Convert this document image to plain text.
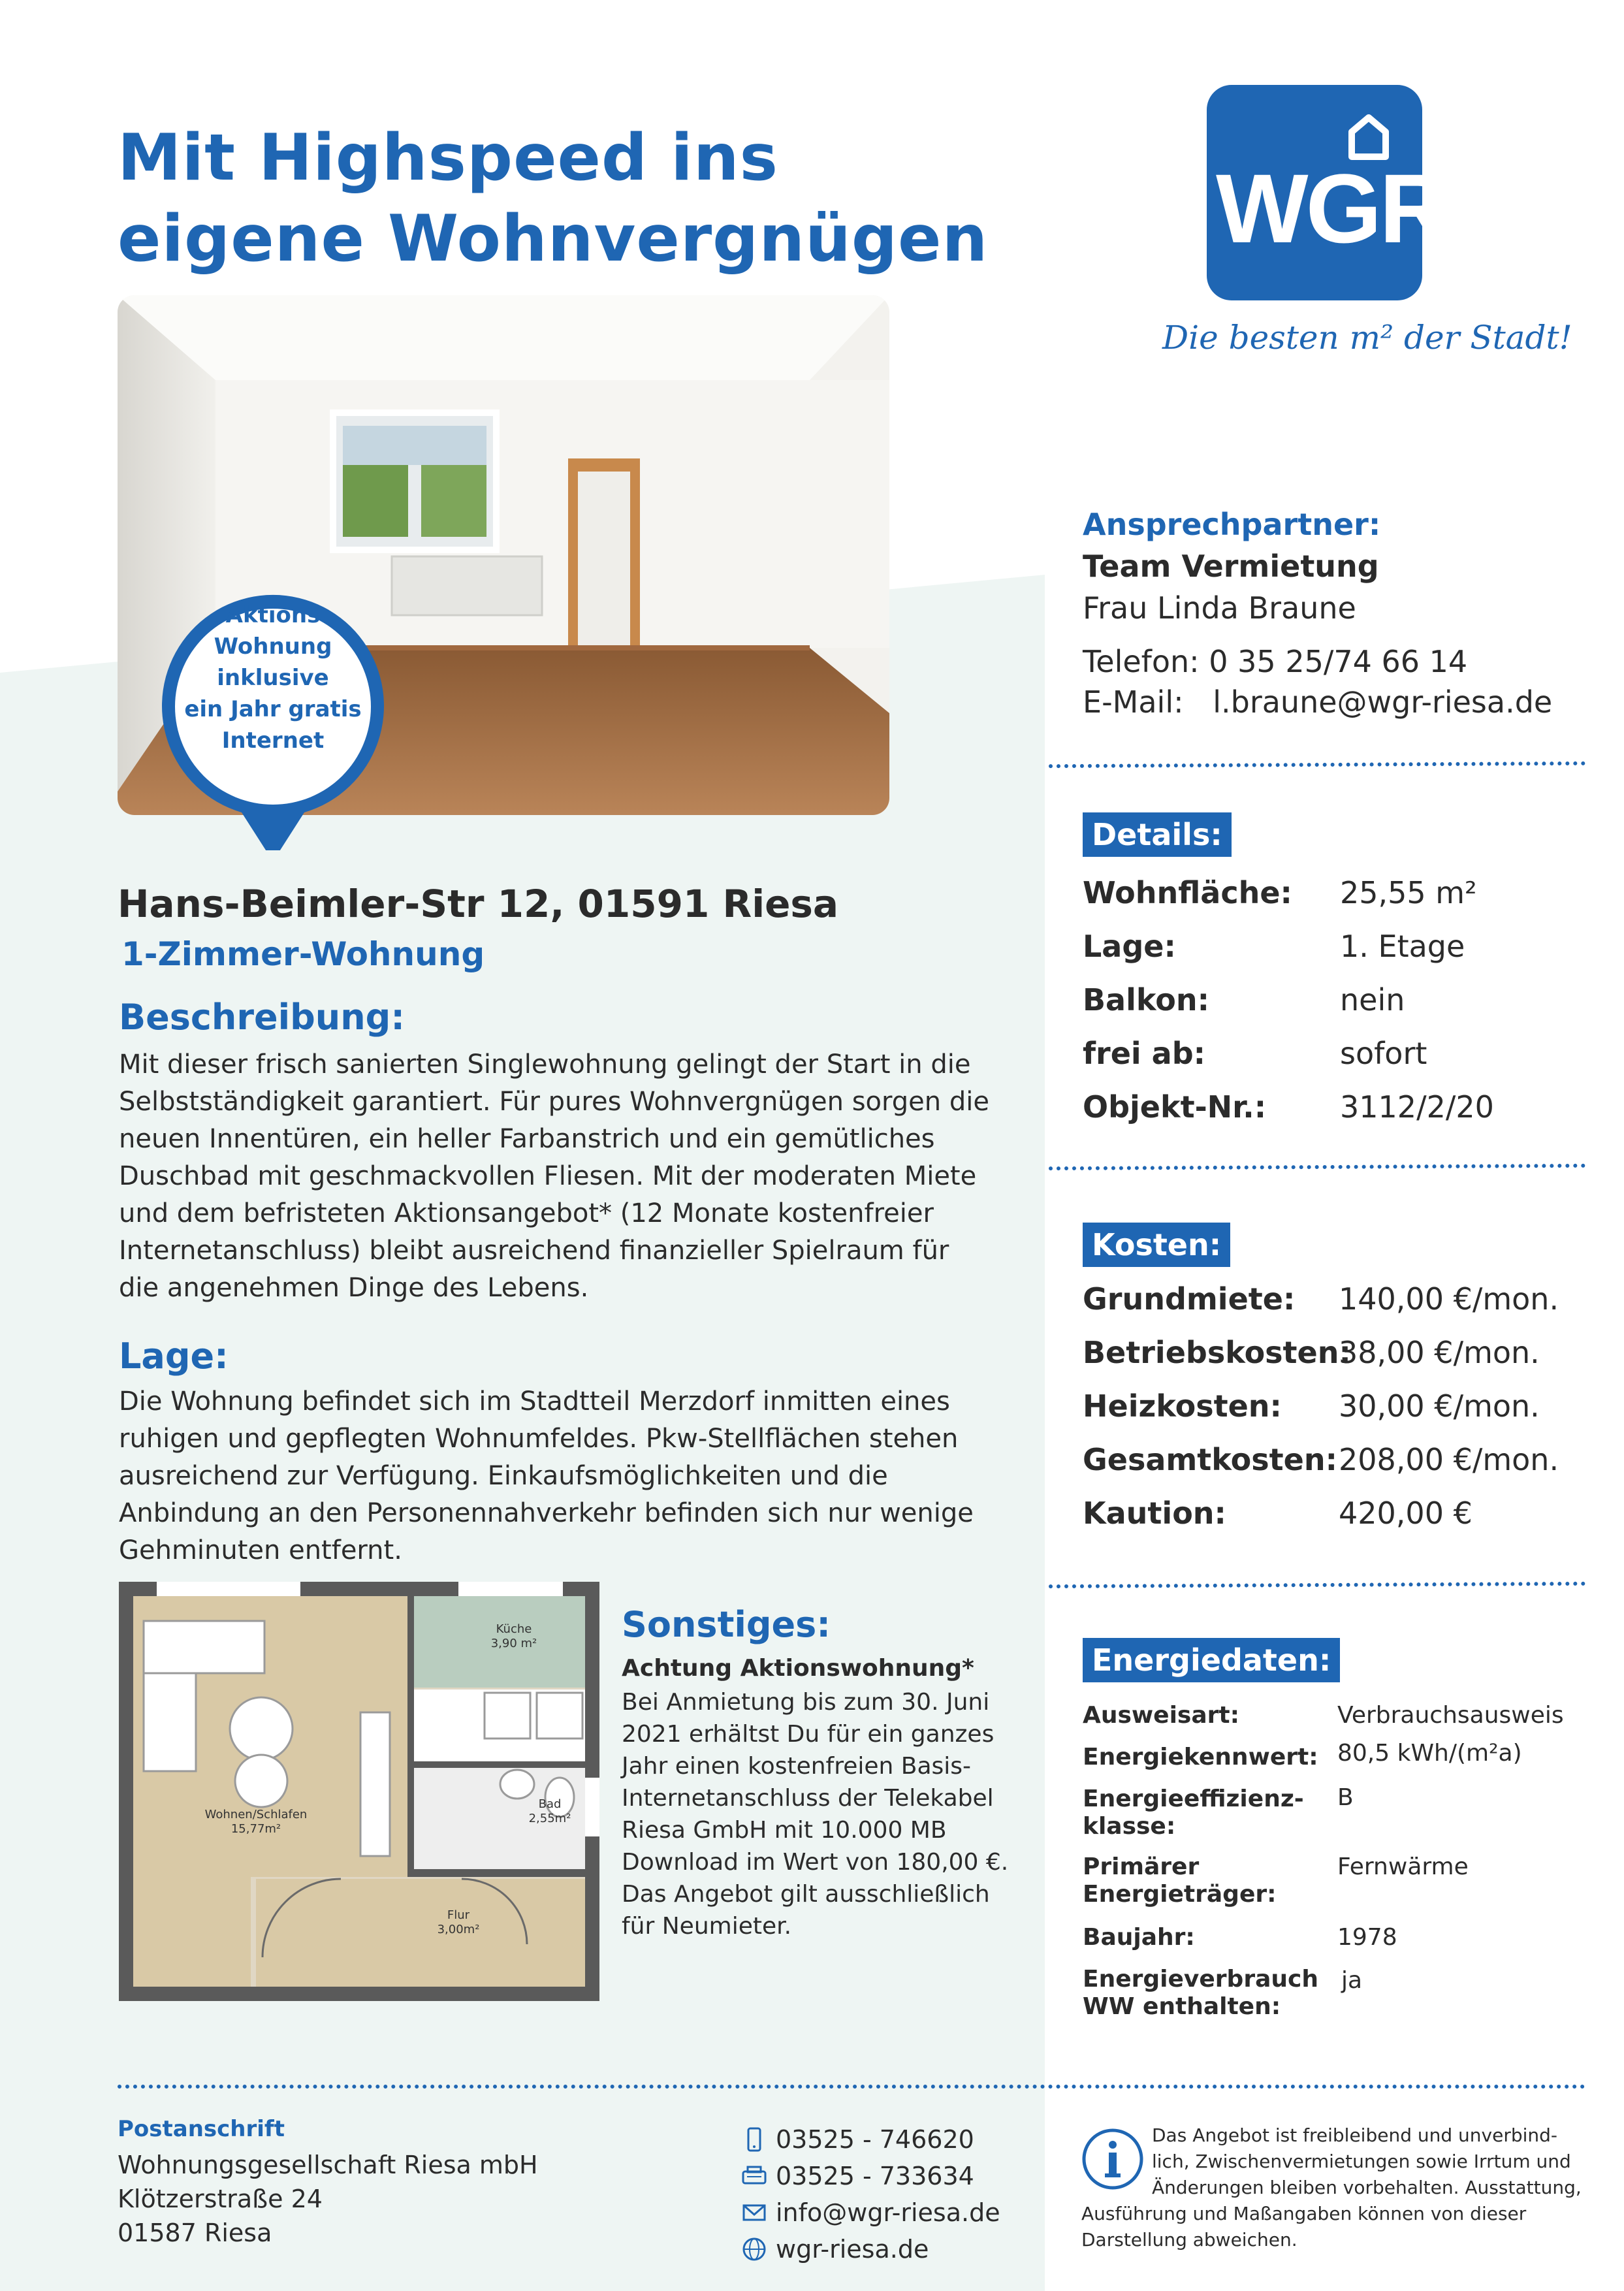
Mit Highspeed ins
eigene Wohnvergnügen
Aktions
Wohnung
inklusive
ein Jahr gratis
Internet
WGR
Die besten m² der Stadt!
Hans-Beimler-Str 12, 01591 Riesa
1-Zimmer-Wohnung
Beschreibung:
Mit dieser frisch sanierten Singlewohnung gelingt der Start in die
Selbstständigkeit garantiert. Für pures Wohnvergnügen sorgen die
neuen Innentüren, ein heller Farbanstrich und ein gemütliches
Duschbad mit geschmackvollen Fliesen. Mit der moderaten Miete
und dem befristeten Aktionsangebot* (12 Monate kostenfreier
Internetanschluss) bleibt ausreichend finanzieller Spielraum für
die angenehmen Dinge des Lebens.
Lage:
Die Wohnung befindet sich im Stadtteil Merzdorf inmitten eines
ruhigen und gepflegten Wohnumfeldes. Pkw-Stellflächen stehen
ausreichend zur Verfügung. Einkaufsmöglichkeiten und die
Anbindung an den Personennahverkehr befinden sich nur wenige
Gehminuten entfernt.
Küche
3,90 m²
Wohnen/Schlafen
15,77m²
Bad
2,55m²
Flur
3,00m²
Sonstiges:
Achtung Aktionswohnung*
Bei Anmietung bis zum 30. Juni
2021 erhältst Du für ein ganzes
Jahr einen kostenfreien Basis-
Internetanschluss der Telekabel
Riesa GmbH mit 10.000 MB
Download im Wert von 180,00 €.
Das Angebot gilt ausschließlich
für Neumieter.
Ansprechpartner:
Team Vermietung
Frau Linda Braune
Telefon: 0 35 25/74 66 14
E-Mail: l.braune@wgr-riesa.de
Details:
Wohnfläche: 25,55 m²
Lage:	1. Etage
Balkon:	nein
frei ab:	sofort
Objekt-Nr.: 3112/2/20
Kosten:
Grundmiete: 140,00 €/mon.
Betriebskosten:
38,00 €/mon.
Heizkosten: 30,00 €/mon.
Gesamtkosten: 208,00 €/mon.
Kaution:	420,00 €
Energiedaten:
Ausweisart:	Verbrauchsausweis
Energiekennwert: 80,5 kWh/(m²a)
Energieeffizienz-
klasse:
B
Primärer
Energieträger:
Fernwärme
Baujahr:	1978
Energieverbrauch
WW enthalten:
ja
Postanschrift
Wohnungsgesellschaft Riesa mbH
Klötzerstraße 24
01587 Riesa
03525 - 746620
03525 - 733634
info@wgr-riesa.de
wgr-riesa.de
Das Angebot ist freibleibend und unverbind-
lich, Zwischenvermietungen sowie Irrtum und
Änderungen bleiben vorbehalten. Ausstattung,
Ausführung und Maßangaben können von dieser
Darstellung abweichen.
